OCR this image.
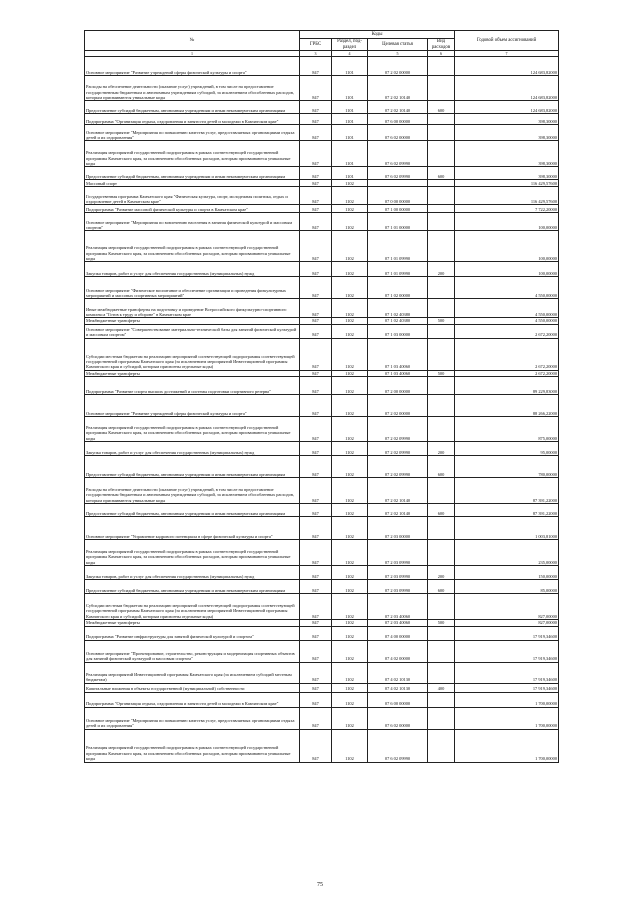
№	Коды				Годовой объем ассигнований
	ГРБС	Раздел, под-раздел	Целевая статья	Вид расходов	
1	3	4	5	6	7
Основное мероприятие "Развитие учреждений сферы физической культуры и спорта"	847	1101	07 2 02 00000		124 683,82000
Расходы на обеспечение деятельности (оказание услуг) учреждений, в том числе на предоставление государственным бюджетным и автономным учреждениям субсидий, за исключением обособленных расходов, которым присваиваются уникальные коды	847	1101	07 2 02 10140		124 683,82000
Предоставление субсидий бюджетным, автономным учреждениям и иным некоммерческим организациям	847	1101	07 2 02 10140	600	124 683,82000
Подпрограмма "Организация отдыха, оздоровления и занятости детей и молодежи в Камчатском крае"	847	1101	07 6 00 00000		398,30000
Основное мероприятие "Мероприятия по повышению качества услуг, предоставляемых организациями отдыха детей и их оздоровления"	847	1101	07 6 02 00000		398,30000
Реализация мероприятий государственной подпрограммы в рамках соответствующей государственной программы Камчатского края, за исключением обособленных расходов, которым присваиваются уникальные коды	847	1101	07 6 02 09990		398,30000
Предоставление субсидий бюджетным, автономным учреждениям и иным некоммерческим организациям	847	1101	07 6 02 09990	600	398,30000
Массовый спорт	847	1102			116 429,57600
Государственная программа Камчатского края "Физическая культура, спорт, молодежная политика, отдых и оздоровление детей в Камчатском крае"	847	1102	07 0 00 00000		116 429,57600
Подпрограмма "Развитие массовой физической культуры и спорта в Камчатском крае"	847	1102	07 1 00 00000		7 722,20000
Основное мероприятие "Мероприятия по вовлечению населения в занятия физической культурой и массовым спортом"	847	1102	07 1 01 00000		100,00000
Реализация мероприятий государственной подпрограммы в рамках соответствующей государственной программы Камчатского края, за исключением обособленных расходов, которым присваиваются уникальные коды	847	1102	07 1 01 09990		100,00000
Закупка товаров, работ и услуг для обеспечения государственных (муниципальных) нужд	847	1102	07 1 01 09990	200	100,00000
Основное мероприятие "Физическое воспитание и обеспечение организации и проведения физкультурных мероприятий и массовых спортивных мероприятий"	847	1102	07 1 02 00000		4 550,00000
Иные межбюджетные трансферты на подготовку и проведение Всероссийского физкультурно-спортивного комплекса "Готов к труду и обороне" в Камчатском крае	847	1102	07 1 02 40380		4 550,00000
Межбюджетные трансферты	847	1102	07 1 02 40380	500	4 550,00000
Основное мероприятие "Совершенствование материально-технической базы для занятий физической культурой и массовым спортом"	847	1102	07 1 03 00000		2 672,20000
Субсидии местным бюджетам на реализацию мероприятий соответствующей подпрограммы соответствующей государственной программы Камчатского края (за исключением мероприятий Инвестиционной программы Камчатского края и субсидий, которым присвоены отдельные коды)	847	1102	07 1 03 40060		2 672,20000
Межбюджетные трансферты	847	1102	07 1 03 40060	500	2 672,20000
Подпрограмма "Развитие спорта высших достижений и системы подготовки спортивного резерва"	847	1102	07 2 00 00000		89 229,83000
Основное мероприятие "Развитие учреждений сферы физической культуры и спорта"	847	1102	07 2 02 00000		88 266,22000
Реализация мероприятий государственной подпрограммы в рамках соответствующей государственной программы Камчатского края, за исключением обособленных расходов, которым присваиваются уникальные коды	847	1102	07 2 02 09990		875,00000
Закупка товаров, работ и услуг для обеспечения государственных (муниципальных) нужд	847	1102	07 2 02 09990	200	95,00000
Предоставление субсидий бюджетным, автономным учреждениям и иным некоммерческим организациям	847	1102	07 2 02 09990	600	780,00000
Расходы на обеспечение деятельности (оказание услуг) учреждений, в том числе на предоставление государственным бюджетным и автономным учреждениям субсидий, за исключением обособленных расходов, которым присваиваются уникальные коды	847	1102	07 2 02 10140		87 391,22000
Предоставление субсидий бюджетным, автономным учреждениям и иным некоммерческим организациям	847	1102	07 2 02 10140	600	87 391,22000
Основное мероприятие "Управление кадрового потенциала в сфере физической культуры и спорта"	847	1102	07 2 03 00000		1 003,81000
Реализация мероприятий государственной подпрограммы в рамках соответствующей государственной программы Камчатского края, за исключением обособленных расходов, которым присваиваются уникальные коды	847	1102	07 2 03 09990		235,00000
Закупка товаров, работ и услуг для обеспечения государственных (муниципальных) нужд	847	1102	07 2 03 09990	200	150,00000
Предоставление субсидий бюджетным, автономным учреждениям и иным некоммерческим организациям	847	1102	07 2 03 09990	600	85,00000
Субсидии местным бюджетам на реализацию мероприятий соответствующей подпрограммы соответствующей государственной программы Камчатского края (за исключением мероприятий Инвестиционной программы Камчатского края и субсидий, которым присвоены отдельные коды)	847	1102	07 2 03 40060		827,00000
Межбюджетные трансферты	847	1102	07 2 03 40060	500	827,00000
Подпрограмма "Развитие инфраструктуры для занятий физической культурой и спортом"	847	1102	07 4 00 00000		17 919,34600
Основное мероприятие "Проектирование, строительство, реконструкция и модернизация спортивных объектов для занятий физической культурой и массовым спортом"	847	1102	07 4 02 00000		17 919,34600
Реализация мероприятий Инвестиционной программы Камчатского края (за исключением субсидий местным бюджетам)	847	1102	07 4 02 10130		17 919,34600
Капитальные вложения в объекты государственной (муниципальной) собственности	847	1102	07 4 02 10130	400	17 919,34600
Подпрограмма "Организация отдыха, оздоровления и занятости детей и молодежи в Камчатском крае"	847	1102	07 6 00 00000		1 700,00000
Основное мероприятие "Мероприятия по повышению качества услуг, предоставляемых организациями отдыха детей и их оздоровления"	847	1102	07 6 02 00000		1 700,00000
Реализация мероприятий государственной подпрограммы в рамках соответствующей государственной программы Камчатского края, за исключением обособленных расходов, которым присваиваются уникальные коды	847	1102	07 6 02 09990		1 700,00000
75
